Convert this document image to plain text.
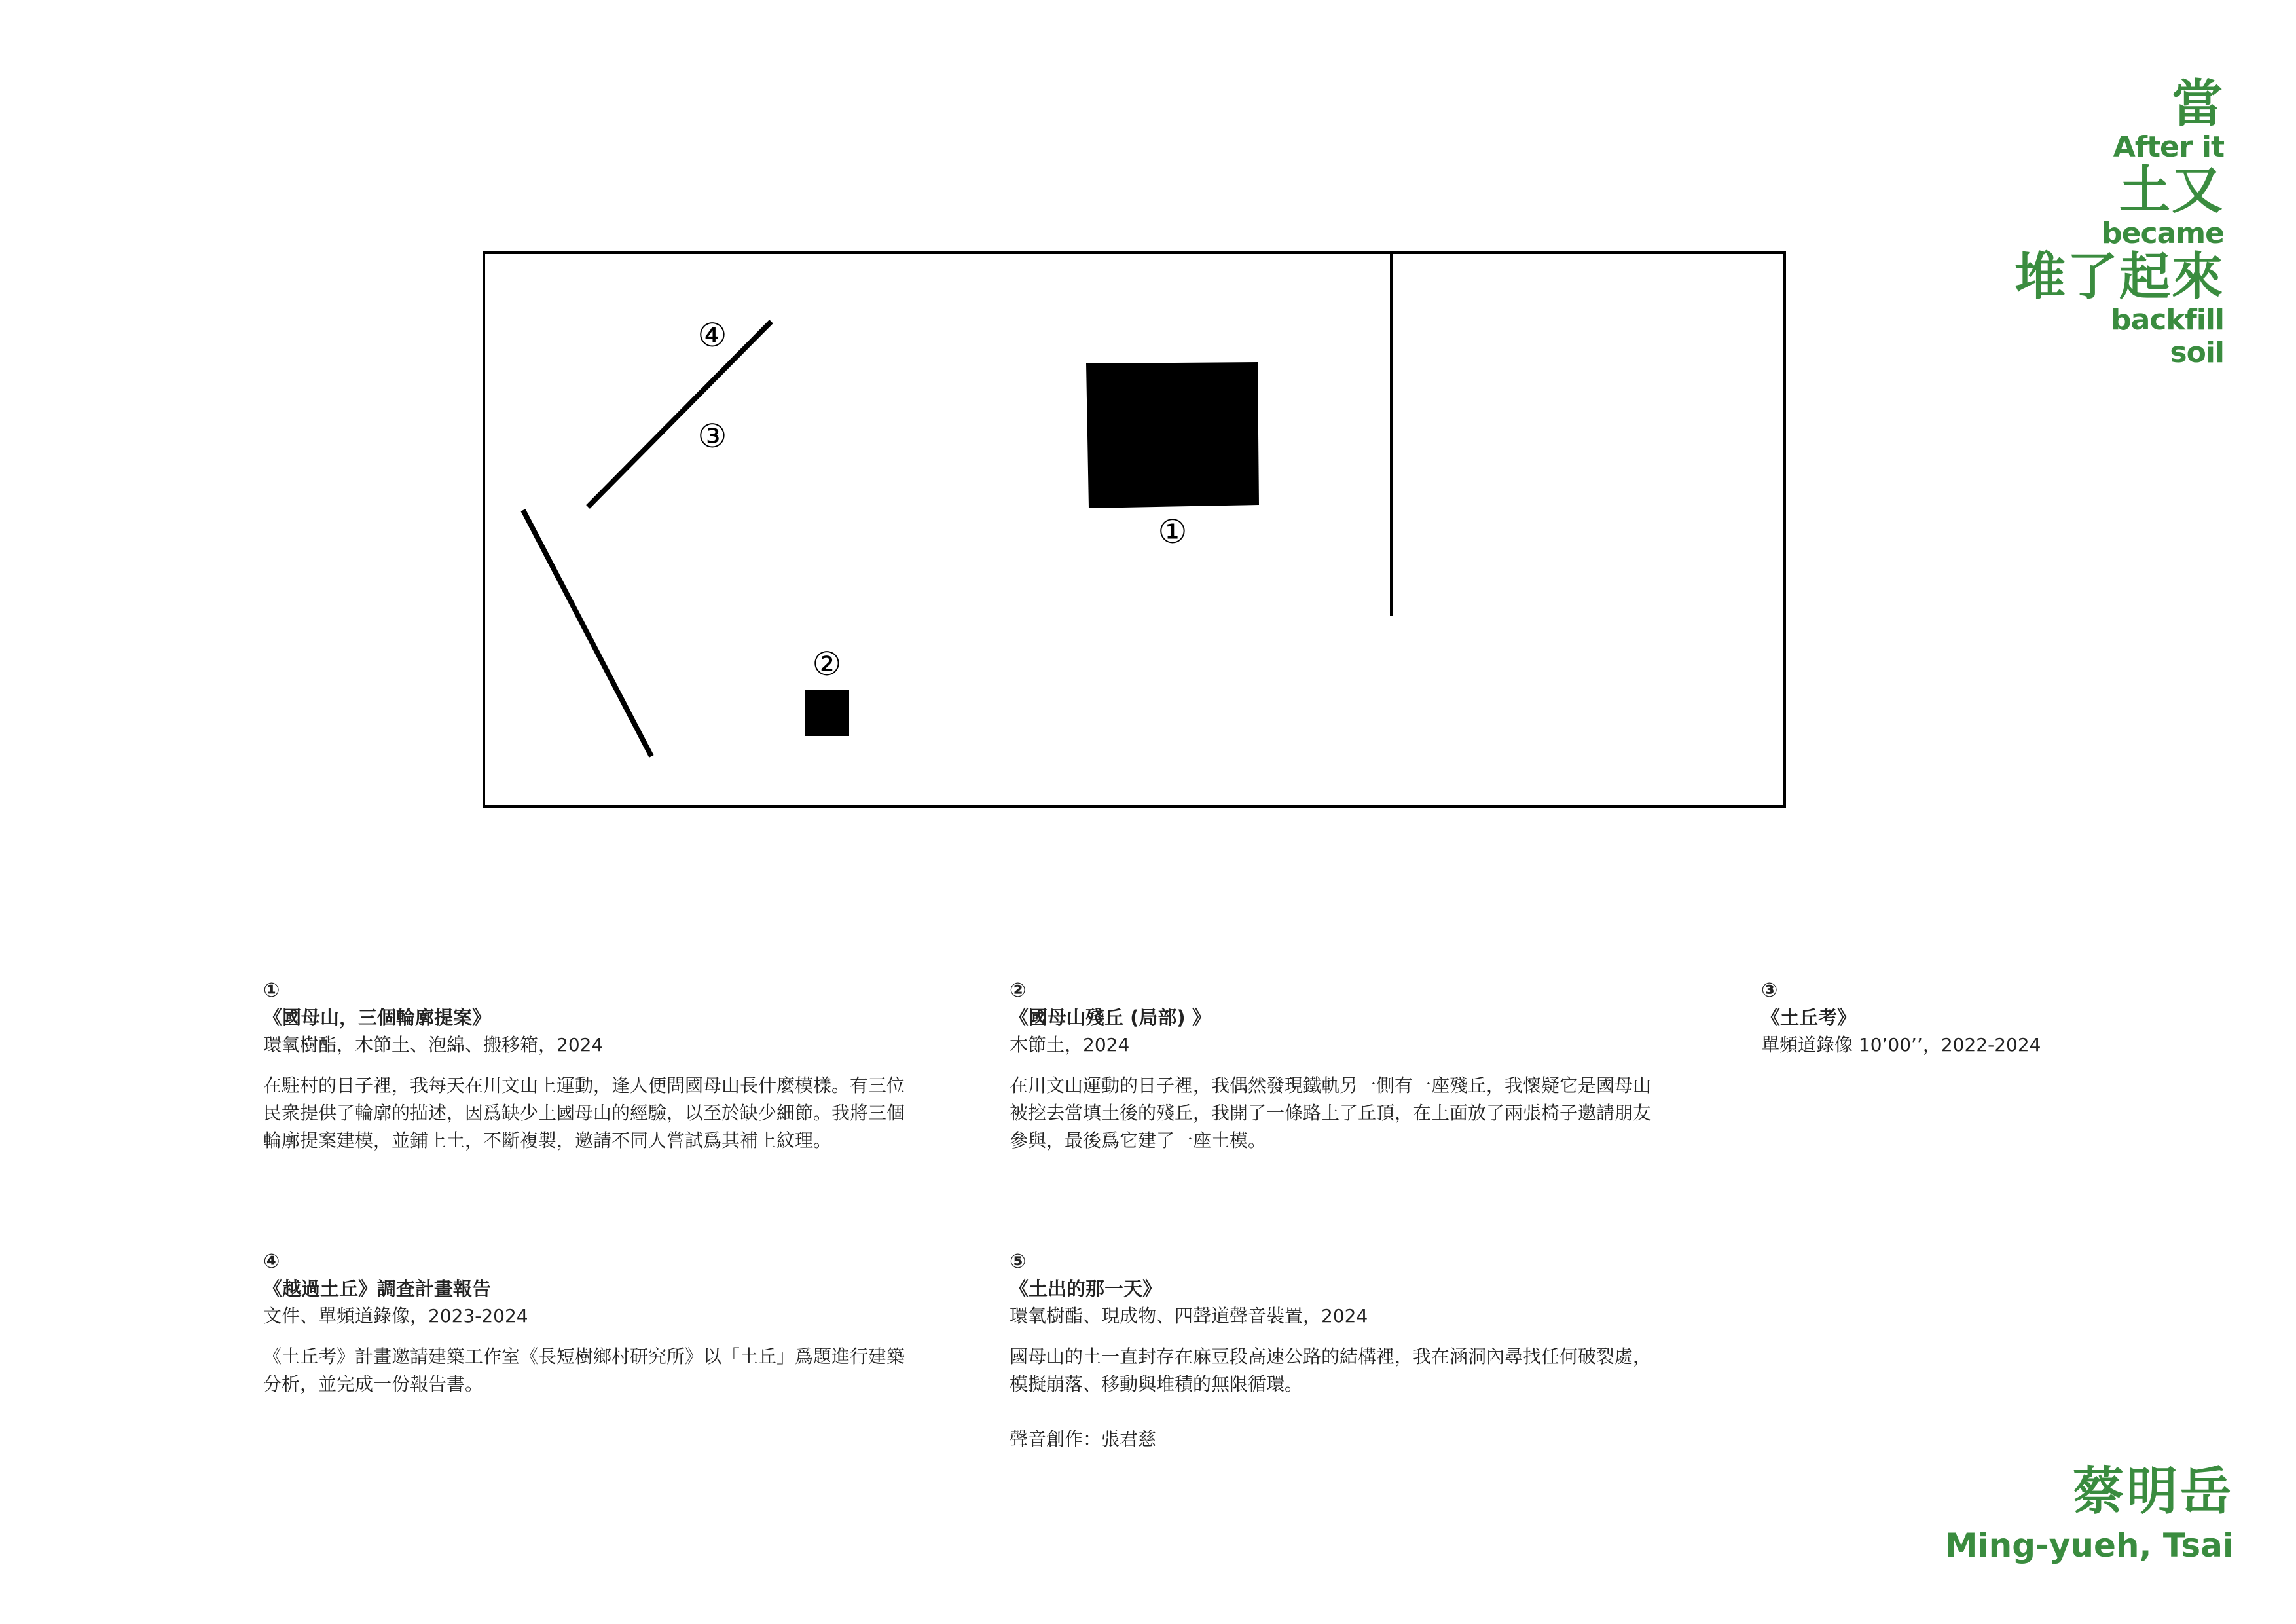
當
After it
土又
became
堆了起來
backfill
soil
①
②
③
④
①
《國母山，三個輪廓提案》
環氧樹酯，木節土、泡綿、搬移箱，2024
在駐村的日子裡，我每天在川文山上運動，逢人便問國母山長什麼模樣。有三位民衆提供了輪廓的描述，因爲缺少上國母山的經驗，以至於缺少細節。我將三個輪廓提案建模，並鋪上土，不斷複製，邀請不同人嘗試爲其補上紋理。
②
《國母山殘丘 (局部) 》
木節土，2024
在川文山運動的日子裡，我偶然發現鐵軌另一側有一座殘丘，我懷疑它是國母山被挖去當填土後的殘丘，我開了一條路上了丘頂，在上面放了兩張椅子邀請朋友參與，最後爲它建了一座土模。
③
《土丘考》
單頻道錄像 10’00’’，2022-2024
④
《越過土丘》調查計畫報告
文件、單頻道錄像，2023-2024
《土丘考》計畫邀請建築工作室《長短樹鄉村研究所》以「土丘」爲題進行建築分析，並完成一份報告書。
⑤
《土出的那一天》
環氧樹酯、現成物、四聲道聲音裝置，2024
國母山的土一直封存在麻豆段高速公路的結構裡，我在涵洞內尋找任何破裂處，模擬崩落、移動與堆積的無限循環。
聲音創作：張君慈
蔡明岳
Ming-yueh, Tsai
